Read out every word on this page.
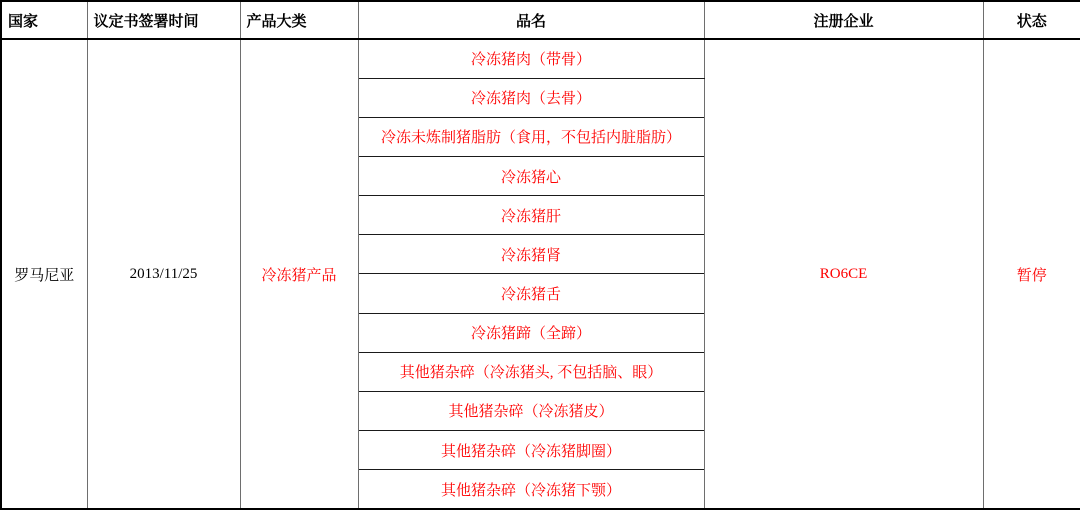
国家	议定书签署时间	产品大类	品名	注册企业	状态
罗马尼亚	2013/11/25	冷冻猪产品	冷冻猪肉（带骨）	RO6CE	暂停
			冷冻猪肉（去骨）		
			冷冻未炼制猪脂肪（食用，不包括内脏脂肪）		
			冷冻猪心		
			冷冻猪肝		
			冷冻猪肾		
			冷冻猪舌		
			冷冻猪蹄（全蹄）		
			其他猪杂碎（冷冻猪头, 不包括脑、眼）		
			其他猪杂碎（冷冻猪皮）		
			其他猪杂碎（冷冻猪脚圈）		
			其他猪杂碎（冷冻猪下颚）		
